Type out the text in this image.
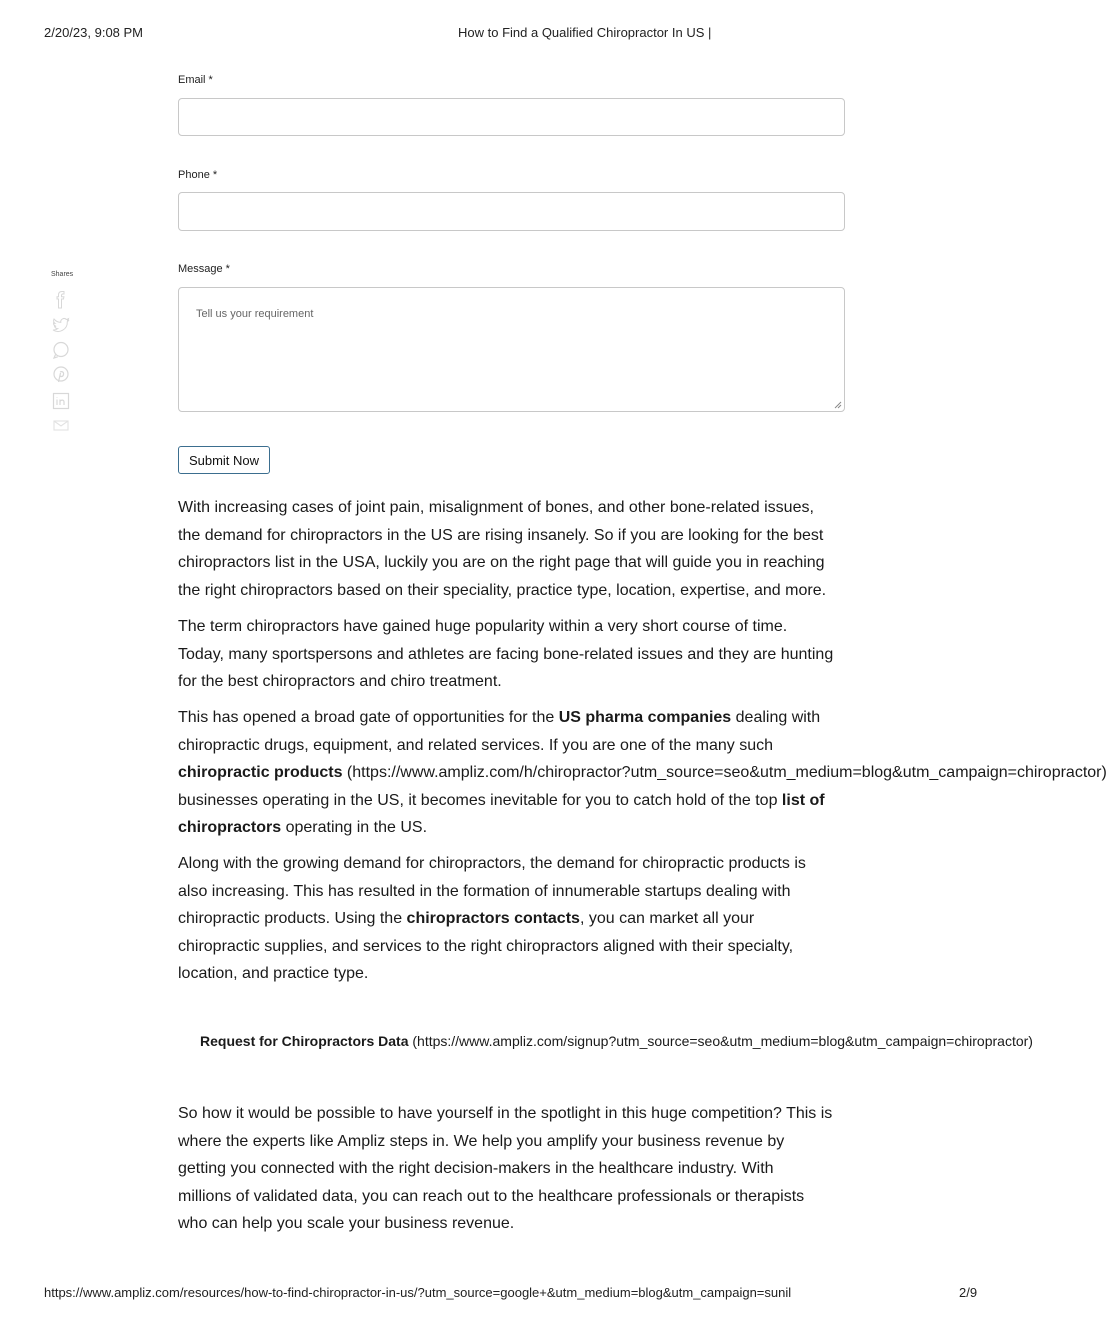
2/20/23, 9:08 PM	How to Find a Qualified Chiropractor In US |
Email *
Phone *
Message *
Tell us your requirement
Submit Now
Shares

With increasing cases of joint pain, misalignment of bones, and other bone-related issues,

the demand for chiropractors in the US are rising insanely. So if you are looking for the best

chiropractors list in the USA, luckily you are on the right page that will guide you in reaching

the right chiropractors based on their speciality, practice type, location, expertise, and more.

The term chiropractors have gained huge popularity within a very short course of time.

Today, many sportspersons and athletes are facing bone-related issues and they are hunting

for the best chiropractors and chiro treatment.

This has opened a broad gate of opportunities for the US pharma companies dealing with

chiropractic drugs, equipment, and related services. If you are one of the many such

chiropractic products (https://www.ampliz.com/h/chiropractor?utm_source=seo&utm_medium=blog&utm_campaign=chiropractor)

businesses operating in the US, it becomes inevitable for you to catch hold of the top list of

chiropractors operating in the US.

Along with the growing demand for chiropractors, the demand for chiropractic products is

also increasing. This has resulted in the formation of innumerable startups dealing with

chiropractic products. Using the chiropractors contacts, you can market all your

chiropractic supplies, and services to the right chiropractors aligned with their specialty,

location, and practice type.

Request for Chiropractors Data (https://www.ampliz.com/signup?utm_source=seo&utm_medium=blog&utm_campaign=chiropractor)

So how it would be possible to have yourself in the spotlight in this huge competition? This is

where the experts like Ampliz steps in. We help you amplify your business revenue by

getting you connected with the right decision-makers in the healthcare industry. With

millions of validated data, you can reach out to the healthcare professionals or therapists

who can help you scale your business revenue.

https://www.ampliz.com/resources/how-to-find-chiropractor-in-us/?utm_source=google+&utm_medium=blog&utm_campaign=sunil	2/9
